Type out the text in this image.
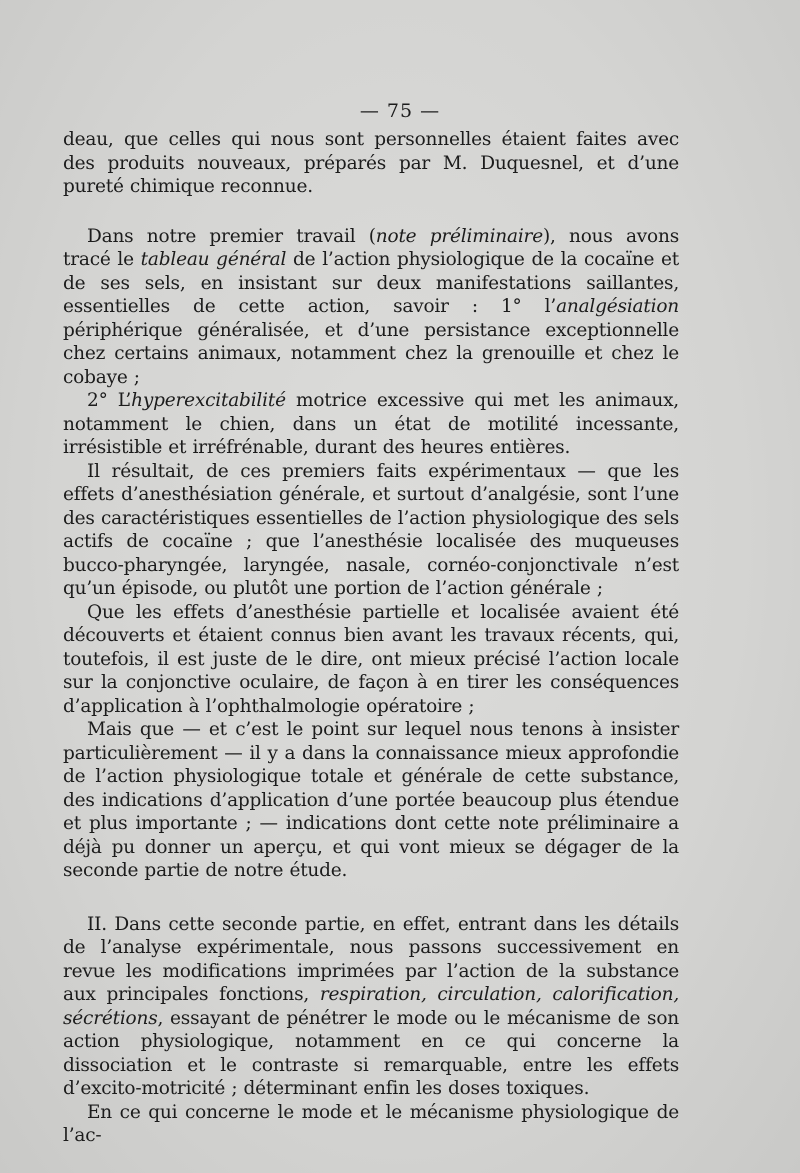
— 75 —

deau, que celles qui nous sont personnelles étaient faites avec des produits nouveaux, préparés par M. Duquesnel, et d’une pureté chimique reconnue.

Dans notre premier travail (note préliminaire), nous avons tracé le tableau général de l’action physiologique de la cocaïne et de ses sels, en insistant sur deux manifestations saillantes, essentielles de cette action, savoir : 1° l’analgésiation périphérique généralisée, et d’une persistance exceptionnelle chez certains animaux, notamment chez la grenouille et chez le cobaye ;

2° L’hyperexcitabilité motrice excessive qui met les animaux, notamment le chien, dans un état de motilité incessante, irrésistible et irréfrénable, durant des heures entières.

Il résultait, de ces premiers faits expérimentaux — que les effets d’anesthésiation générale, et surtout d’analgésie, sont l’une des caractéristiques essentielles de l’action physiologique des sels actifs de cocaïne ; que l’anesthésie localisée des muqueuses bucco-pharyngée, laryngée, nasale, cornéo-conjonctivale n’est qu’un épisode, ou plutôt une portion de l’action générale ;

Que les effets d’anesthésie partielle et localisée avaient été découverts et étaient connus bien avant les travaux récents, qui, toutefois, il est juste de le dire, ont mieux précisé l’action locale sur la conjonctive oculaire, de façon à en tirer les conséquences d’application à l’ophthalmologie opératoire ;

Mais que — et c’est le point sur lequel nous tenons à insister particulièrement — il y a dans la connaissance mieux approfondie de l’action physiologique totale et générale de cette substance, des indications d’application d’une portée beaucoup plus étendue et plus importante ; — indications dont cette note préliminaire a déjà pu donner un aperçu, et qui vont mieux se dégager de la seconde partie de notre étude.

II. Dans cette seconde partie, en effet, entrant dans les détails de l’analyse expérimentale, nous passons successivement en revue les modifications imprimées par l’action de la substance aux principales fonctions, respiration, circulation, calorification, sécrétions, essayant de pénétrer le mode ou le mécanisme de son action physiologique, notamment en ce qui concerne la dissociation et le contraste si remarquable, entre les effets d’excito-motricité ; déterminant enfin les doses toxiques.

En ce qui concerne le mode et le mécanisme physiologique de l’ac-
